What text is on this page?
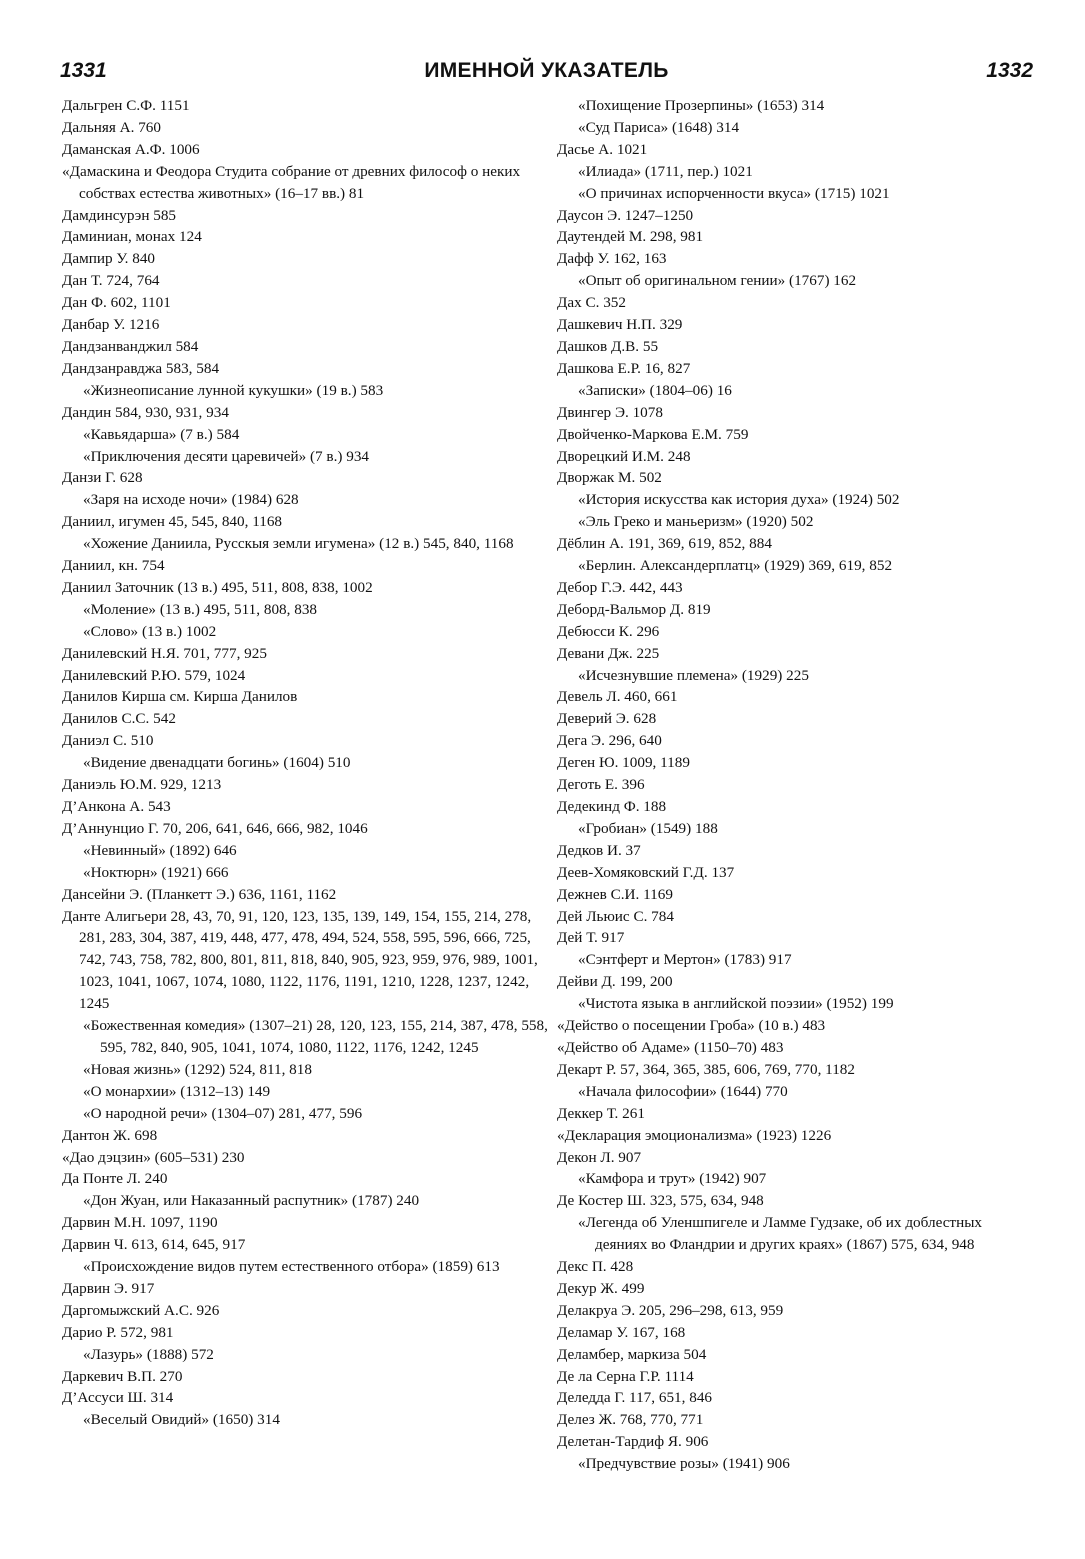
1331	ИМЕННОЙ УКАЗАТЕЛЬ	1332
Дальгрен С.Ф. 1151
Дальняя А. 760
Даманская А.Ф. 1006
«Дамаскина и Феодора Студита собрание от древних философ о неких собствах естества животных» (16–17 вв.) 81
Дамдинсурэн 585
Даминиан, монах 124
Дампир У. 840
Дан Т. 724, 764
Дан Ф. 602, 1101
Данбар У. 1216
Дандзанванджил 584
Дандзанравджа 583, 584
«Жизнеописание лунной кукушки» (19 в.) 583
Дандин 584, 930, 931, 934
«Кавьядарша» (7 в.) 584
«Приключения десяти царевичей» (7 в.) 934
Данзи Г. 628
«Заря на исходе ночи» (1984) 628
Даниил, игумен 45, 545, 840, 1168
«Хожение Даниила, Русскыя земли игумена» (12 в.) 545, 840, 1168
Даниил, кн. 754
Даниил Заточник (13 в.) 495, 511, 808, 838, 1002
«Моление» (13 в.) 495, 511, 808, 838
«Слово» (13 в.) 1002
Данилевский Н.Я. 701, 777, 925
Данилевский Р.Ю. 579, 1024
Данилов Кирша см. Кирша Данилов
Данилов С.С. 542
Даниэл С. 510
«Видение двенадцати богинь» (1604) 510
Даниэль Ю.М. 929, 1213
Д’Анкона А. 543
Д’Аннунцио Г. 70, 206, 641, 646, 666, 982, 1046
«Невинный» (1892) 646
«Ноктюрн» (1921) 666
Дансейни Э. (Планкетт Э.) 636, 1161, 1162
Данте Алигьери 28, 43, 70, 91, 120, 123, 135, 139, 149, 154, 155, 214, 278, 281, 283, 304, 387, 419, 448, 477, 478, 494, 524, 558, 595, 596, 666, 725, 742, 743, 758, 782, 800, 801, 811, 818, 840, 905, 923, 959, 976, 989, 1001, 1023, 1041, 1067, 1074, 1080, 1122, 1176, 1191, 1210, 1228, 1237, 1242, 1245
«Божественная комедия» (1307–21) 28, 120, 123, 155, 214, 387, 478, 558, 595, 782, 840, 905, 1041, 1074, 1080, 1122, 1176, 1242, 1245
«Новая жизнь» (1292) 524, 811, 818
«О монархии» (1312–13) 149
«О народной речи» (1304–07) 281, 477, 596
Дантон Ж. 698
«Дао дэцзин» (605–531) 230
Да Понте Л. 240
«Дон Жуан, или Наказанный распутник» (1787) 240
Дарвин М.Н. 1097, 1190
Дарвин Ч. 613, 614, 645, 917
«Происхождение видов путем естественного отбора» (1859) 613
Дарвин Э. 917
Даргомыжский А.С. 926
Дарио Р. 572, 981
«Лазурь» (1888) 572
Даркевич В.П. 270
Д’Ассуси Ш. 314
«Веселый Овидий» (1650) 314
«Похищение Прозерпины» (1653) 314
«Суд Париса» (1648) 314
Дасье А. 1021
«Илиада» (1711, пер.) 1021
«О причинах испорченности вкуса» (1715) 1021
Даусон Э. 1247–1250
Даутендей М. 298, 981
Дафф У. 162, 163
«Опыт об оригинальном гении» (1767) 162
Дах С. 352
Дашкевич Н.П. 329
Дашков Д.В. 55
Дашкова Е.Р. 16, 827
«Записки» (1804–06) 16
Двингер Э. 1078
Двойченко-Маркова Е.М. 759
Дворецкий И.М. 248
Дворжак М. 502
«История искусства как история духа» (1924) 502
«Эль Греко и маньеризм» (1920) 502
Дёблин А. 191, 369, 619, 852, 884
«Берлин. Александерплатц» (1929) 369, 619, 852
Дебор Г.Э. 442, 443
Деборд-Вальмор Д. 819
Дебюсси К. 296
Девани Дж. 225
«Исчезнувшие племена» (1929) 225
Девель Л. 460, 661
Деверий Э. 628
Дега Э. 296, 640
Деген Ю. 1009, 1189
Деготь Е. 396
Дедекинд Ф. 188
«Гробиан» (1549) 188
Дедков И. 37
Деев-Хомяковский Г.Д. 137
Дежнев С.И. 1169
Дей Льюис С. 784
Дей Т. 917
«Сэнтферт и Мертон» (1783) 917
Дейви Д. 199, 200
«Чистота языка в английской поэзии» (1952) 199
«Действо о посещении Гроба» (10 в.) 483
«Действо об Адаме» (1150–70) 483
Декарт Р. 57, 364, 365, 385, 606, 769, 770, 1182
«Начала философии» (1644) 770
Деккер Т. 261
«Декларация эмоционализма» (1923) 1226
Декон Л. 907
«Камфора и трут» (1942) 907
Де Костер Ш. 323, 575, 634, 948
«Легенда об Уленшпигеле и Ламме Гудзаке, об их доблестных деяниях во Фландрии и других краях» (1867) 575, 634, 948
Декс П. 428
Декур Ж. 499
Делакруа Э. 205, 296–298, 613, 959
Деламар У. 167, 168
Деламбер, маркиза 504
Де ла Серна Г.Р. 1114
Деледда Г. 117, 651, 846
Делез Ж. 768, 770, 771
Делетан-Тардиф Я. 906
«Предчувствие розы» (1941) 906
